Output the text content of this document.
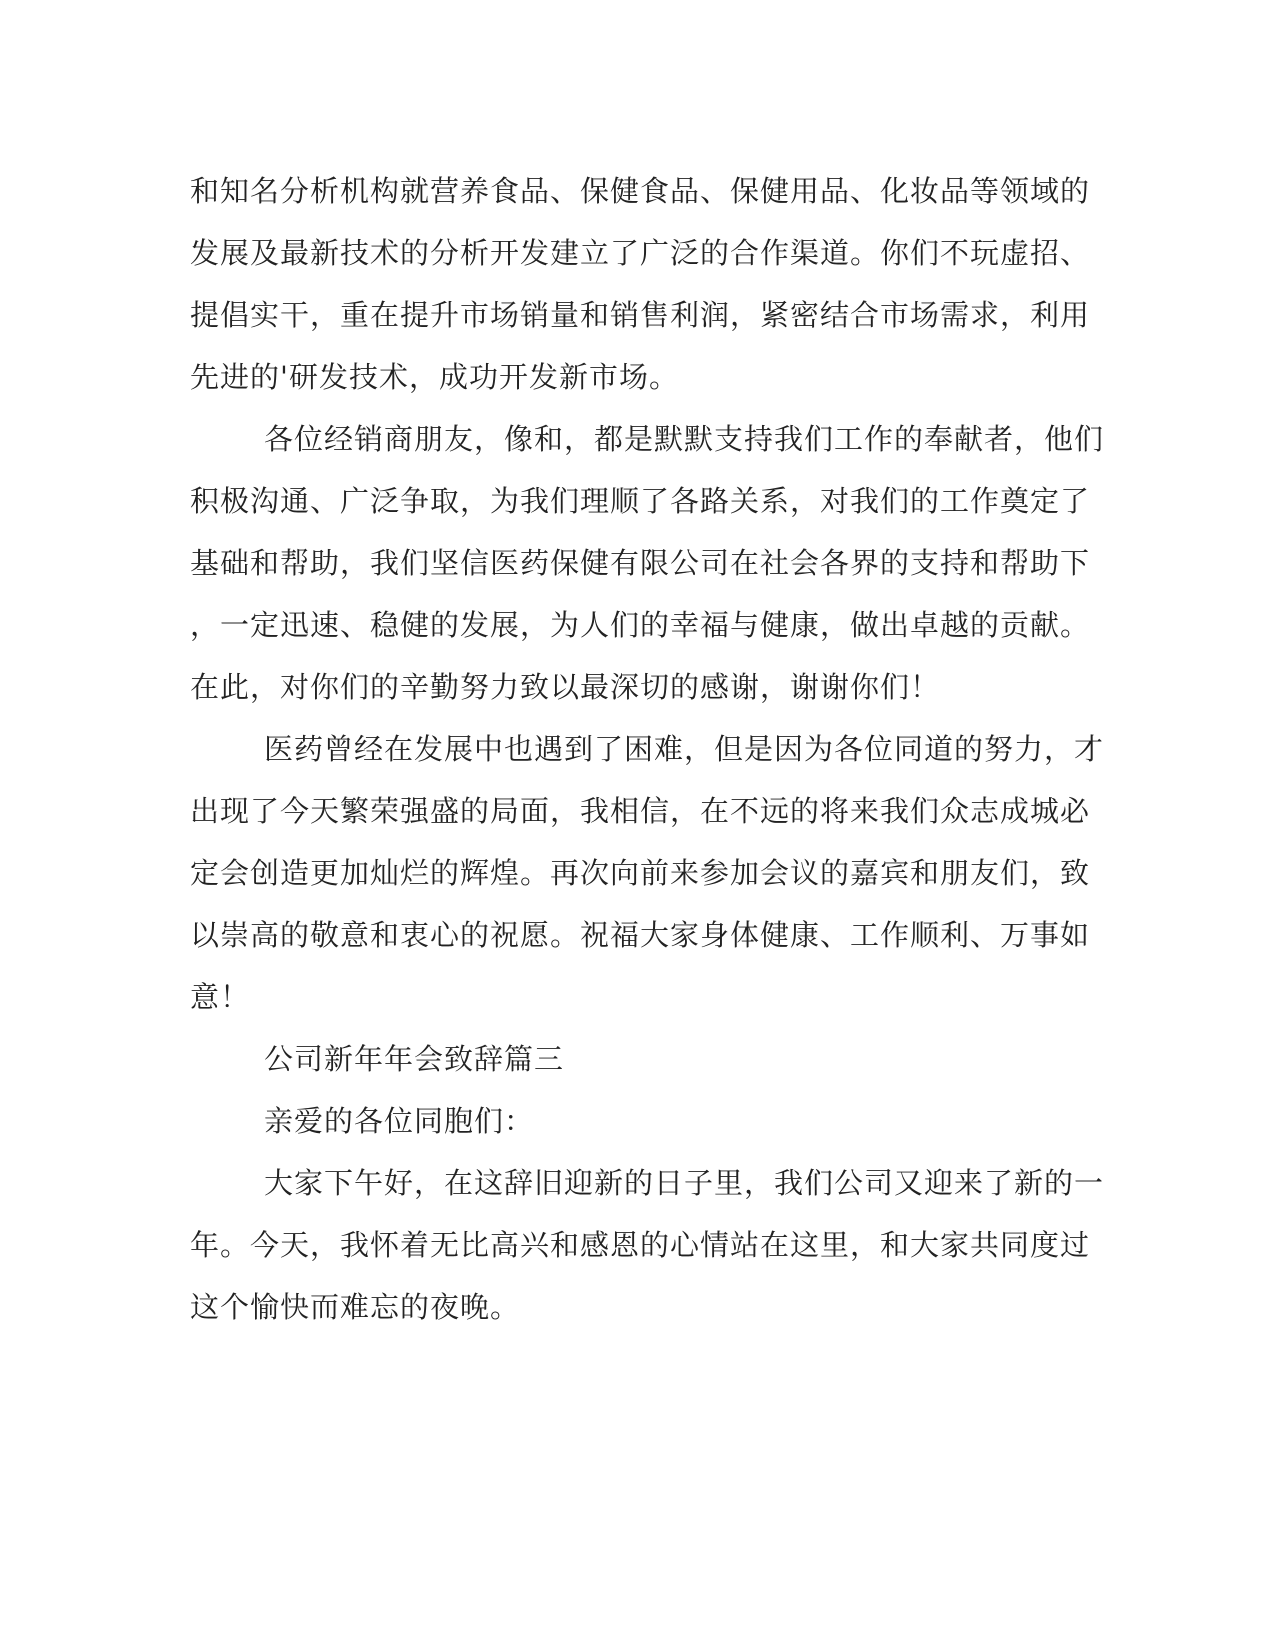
和知名分析机构就营养食品、保健食品、保健用品、化妆品等领域的
发展及最新技术的分析开发建立了广泛的合作渠道。你们不玩虚招、
提倡实干，重在提升市场销量和销售利润，紧密结合市场需求，利用
先进的'研发技术，成功开发新市场。
各位经销商朋友，像和，都是默默支持我们工作的奉献者，他们
积极沟通、广泛争取，为我们理顺了各路关系，对我们的工作奠定了
基础和帮助，我们坚信医药保健有限公司在社会各界的支持和帮助下
，一定迅速、稳健的发展，为人们的幸福与健康，做出卓越的贡献。
在此，对你们的辛勤努力致以最深切的感谢，谢谢你们！
医药曾经在发展中也遇到了困难，但是因为各位同道的努力，才
出现了今天繁荣强盛的局面，我相信，在不远的将来我们众志成城必
定会创造更加灿烂的辉煌。再次向前来参加会议的嘉宾和朋友们，致
以崇高的敬意和衷心的祝愿。祝福大家身体健康、工作顺利、万事如
意！
公司新年年会致辞篇三
亲爱的各位同胞们：
大家下午好，在这辞旧迎新的日子里，我们公司又迎来了新的一
年。今天，我怀着无比高兴和感恩的心情站在这里，和大家共同度过
这个愉快而难忘的夜晚。
